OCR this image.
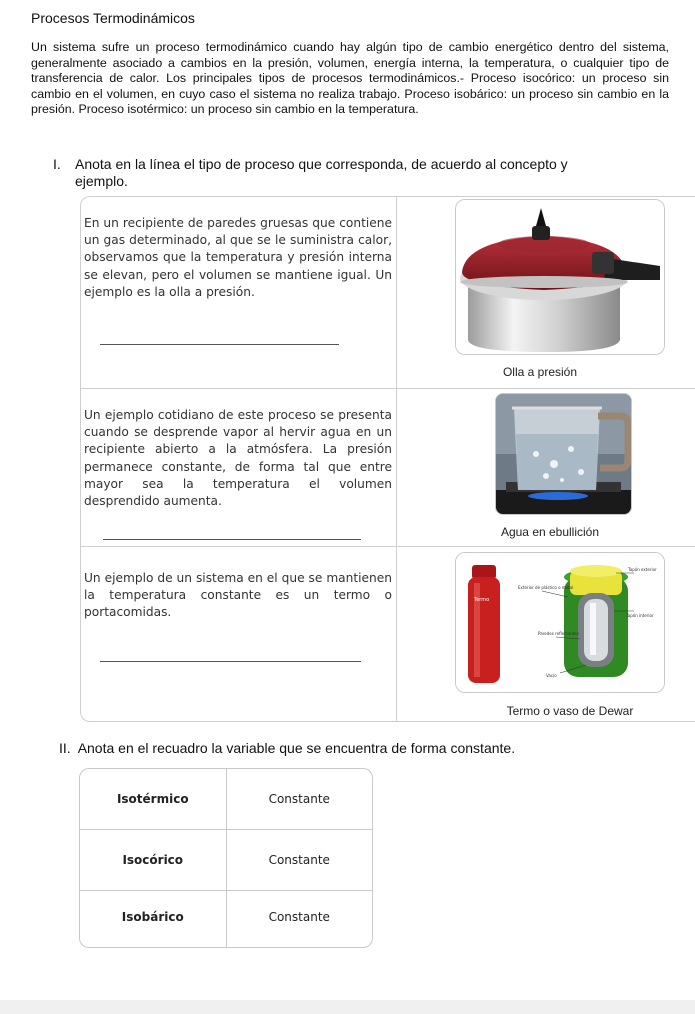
Procesos Termodinámicos
Un sistema sufre un proceso termodinámico cuando hay algún tipo de cambio energético dentro del sistema, generalmente asociado a cambios en la presión, volumen, energía interna, la temperatura, o cualquier tipo de transferencia de calor. Los principales tipos de procesos termodinámicos.- Proceso isocórico: un proceso sin cambio en el volumen, en cuyo caso el sistema no realiza trabajo. Proceso isobárico: un proceso sin cambio en la presión. Proceso isotérmico: un proceso sin cambio en la temperatura.
I. Anota en la línea el tipo de proceso que corresponda, de acuerdo al concepto y
ejemplo.
En un recipiente de paredes gruesas que contiene un gas determinado, al que se le suministra calor, observamos que la temperatura y presión interna se elevan, pero el volumen se mantiene igual. Un ejemplo es la olla a presión.
Olla a presión
Un ejemplo cotidiano de este proceso se presenta cuando se desprende vapor al hervir agua en un recipiente abierto a la atmósfera. La presión permanece constante, de forma tal que entre mayor sea la temperatura el volumen desprendido aumenta.
Agua en ebullición
Un ejemplo de un sistema en el que se mantienen la temperatura constante es un termo o portacomidas.
Termo
Tapón exterior
Exterior de plástico o metal
Tapón interior
Paredes reflectantes
Vacío
Termo o vaso de Dewar
II. Anota en el recuadro la variable que se encuentra de forma constante.
Isotérmico	Constante
Isocórico	Constante
Isobárico	Constante
